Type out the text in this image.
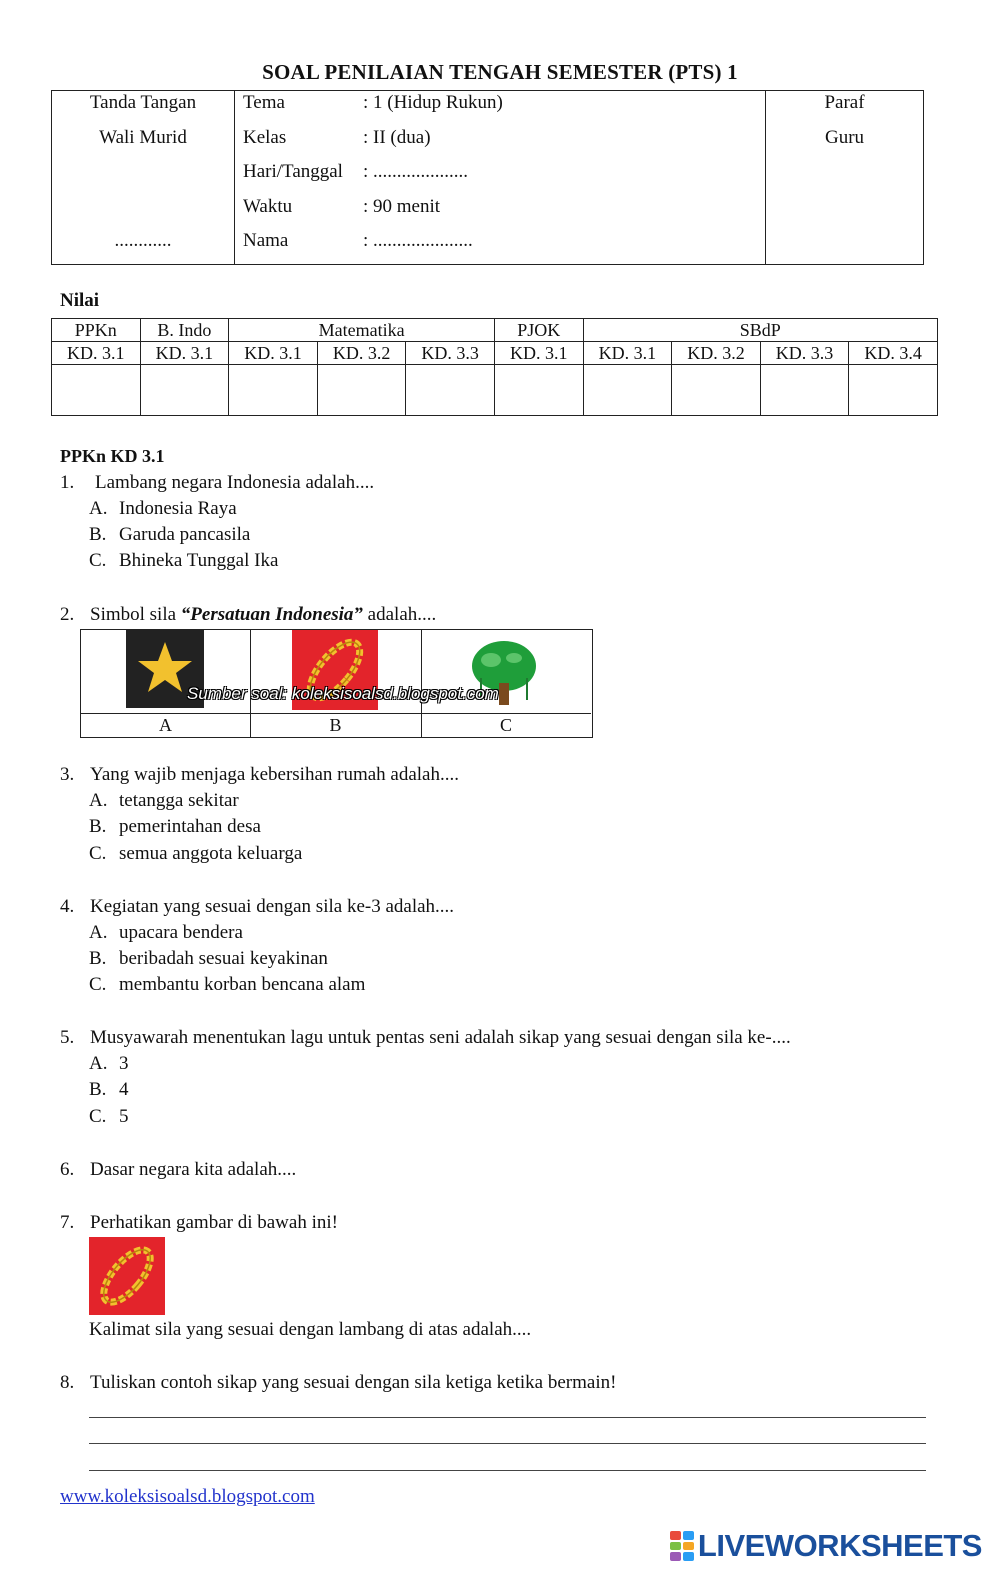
SOAL PENILAIAN TENGAH SEMESTER (PTS) 1
Tanda Tangan
Wali Murid
............

Tema	: 1 (Hidup Rukun)
Kelas	: II (dua)
Hari/Tanggal	: ....................
Waktu	: 90 menit
Nama	: .....................

Paraf
Guru
Nilai
PPKn	B. Indo	Matematika			PJOK	SBdP			
KD. 3.1	KD. 3.1	KD. 3.1	KD. 3.2	KD. 3.3	KD. 3.1	KD. 3.1	KD. 3.2	KD. 3.3	KD. 3.4

PPKn KD 3.1
1. Lambang negara Indonesia adalah....
A. Indonesia Raya
B. Garuda pancasila
C. Bhineka Tunggal Ika
2. Simbol sila “Persatuan Indonesia” adalah....
A	B	C
Sumber soal: koleksisoalsd.blogspot.com
3. Yang wajib menjaga kebersihan rumah adalah....
A. tetangga sekitar
B. pemerintahan desa
C. semua anggota keluarga
4. Kegiatan yang sesuai dengan sila ke-3 adalah....
A. upacara bendera
B. beribadah sesuai keyakinan
C. membantu korban bencana alam
5. Musyawarah menentukan lagu untuk pentas seni adalah sikap yang sesuai dengan sila ke-....
A. 3
B. 4
C. 5
6. Dasar negara kita adalah....
7. Perhatikan gambar di bawah ini!
Kalimat sila yang sesuai dengan lambang di atas adalah....
8. Tuliskan contoh sikap yang sesuai dengan sila ketiga ketika bermain!
www.koleksisoalsd.blogspot.com
LIVEWORKSHEETS
